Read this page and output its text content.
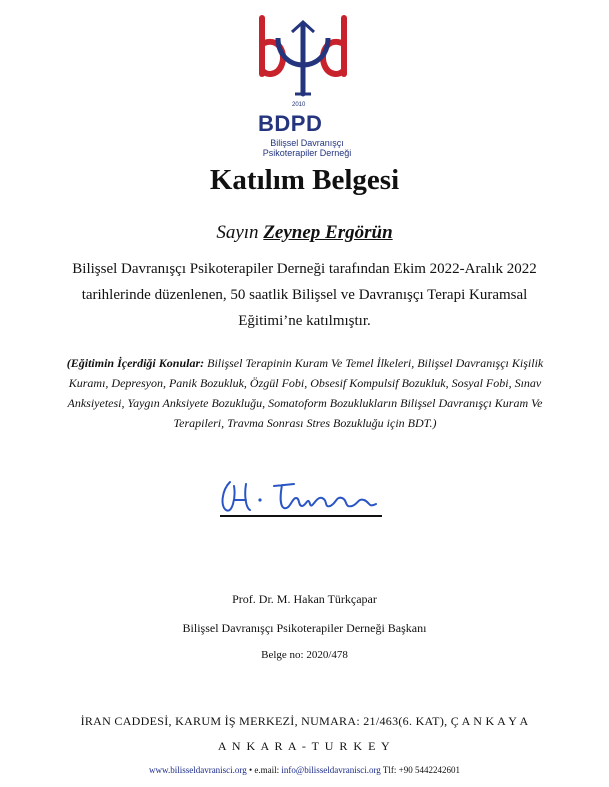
2010
BDPD
Bilişsel Davranışçı
Psikoterapiler Derneği
Katılım Belgesi
Sayın Zeynep Ergörün
Bilişsel Davranışçı Psikoterapiler Derneği tarafından Ekim 2022-Aralık 2022 tarihlerinde düzenlenen, 50 saatlik Bilişsel ve Davranışçı Terapi Kuramsal Eğitimi’ne katılmıştır.
(Eğitimin İçerdiği Konular: Bilişsel Terapinin Kuram Ve Temel İlkeleri, Bilişsel Davranışçı Kişilik Kuramı, Depresyon, Panik Bozukluk, Özgül Fobi, Obsesif Kompulsif Bozukluk, Sosyal Fobi, Sınav Anksiyetesi, Yaygın Anksiyete Bozukluğu, Somatoform Bozuklukların Bilişsel Davranışçı Kuram Ve Terapileri, Travma Sonrası Stres Bozukluğu için BDT.)
Prof. Dr. M. Hakan Türkçapar
Bilişsel Davranışçı Psikoterapiler Derneği Başkanı
Belge no: 2020/478
İRAN CADDESİ, KARUM İŞ MERKEZİ, NUMARA: 21/463(6. KAT), Ç A N K A Y A
A N K A R A - T U R K E Y
www.bilisseldavranisci.org • e.mail: info@bilisseldavranisci.org Tlf: +90 5442242601
